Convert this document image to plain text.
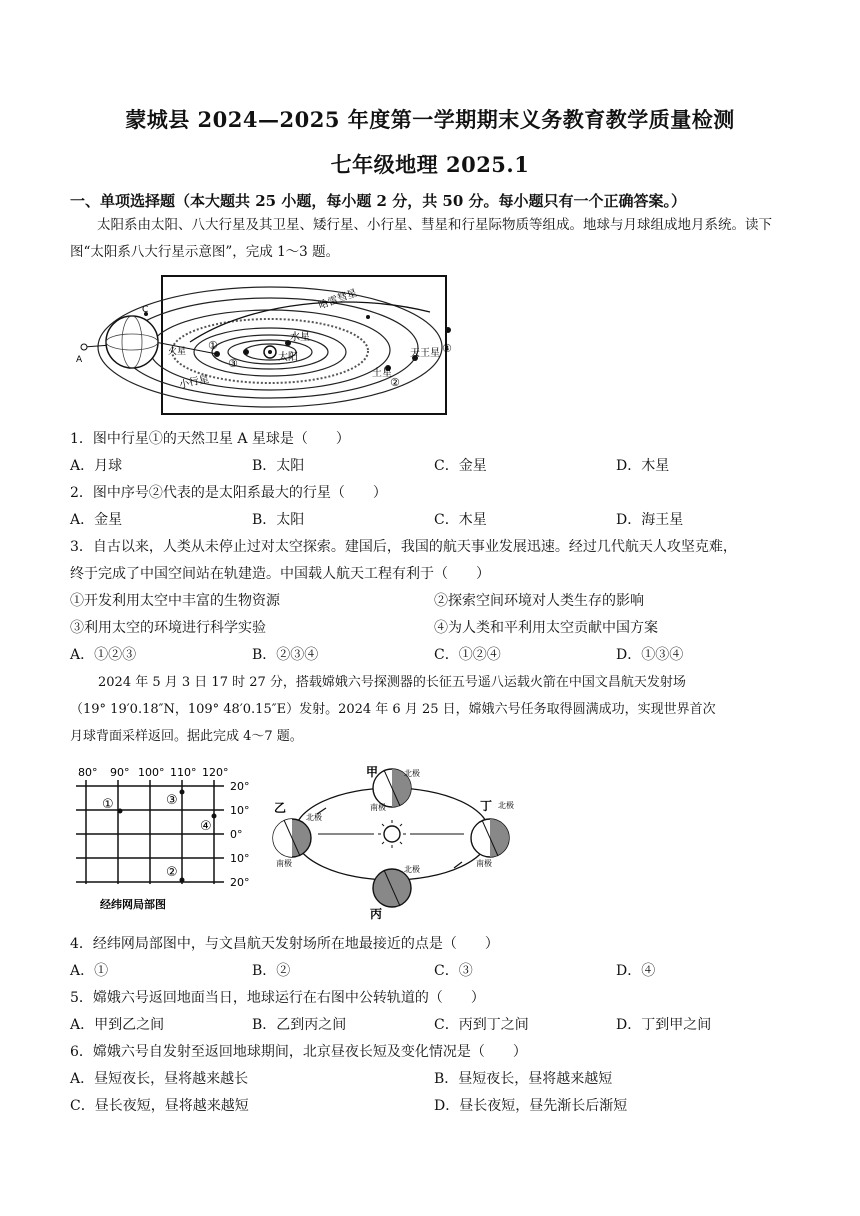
蒙城县 2024—2025 年度第一学期期末义务教育教学质量检测
七年级地理 2025.1
一、单项选择题（本大题共 25 小题，每小题 2 分，共 50 分。每小题只有一个正确答案。）
太阳系由太阳、八大行星及其卫星、矮行星、小行星、彗星和行星际物质等组成。地球与月球组成地月系统。读下图“太阳系八大行星示意图”，完成 1～3 题。
A
C	哈雷彗星
水星
太阳	天王星
土星
小行星
火星 ①
②
③
④
1．图中行星①的天然卫星 A 星球是（　　）
A．月球	B．太阳	C．金星	D．木星
2．图中序号②代表的是太阳系最大的行星（　　）
A．金星	B．太阳	C．木星	D．海王星
3．自古以来，人类从未停止过对太空探索。建国后，我国的航天事业发展迅速。经过几代航天人攻坚克难，
终于完成了中国空间站在轨建造。中国载人航天工程有利于（　　）
①开发利用太空中丰富的生物资源	②探索空间环境对人类生存的影响
③利用太空的环境进行科学实验	④为人类和平利用太空贡献中国方案
A．①②③	B．②③④	C．①②④	D．①③④
2024 年 5 月 3 日 17 时 27 分，搭载嫦娥六号探测器的长征五号遥八运载火箭在中国文昌航天发射场
（19° 19′0.18″N，109° 48′0.15″E）发射。2024 年 6 月 25 日，嫦娥六号任务取得圆满成功，实现世界首次
月球背面采样返回。据此完成 4～7 题。
80° 90° 100° 110° 120°
20°
10°
0°
10°
20°
①
②
③
④
经纬网局部图
甲
乙
丙
丁
北极
南极
北极
南极
北极
北极
南极
4．经纬网局部图中，与文昌航天发射场所在地最接近的点是（　　）
A．①	B．②	C．③	D．④
5．嫦娥六号返回地面当日，地球运行在右图中公转轨道的（　　）
A．甲到乙之间	B．乙到丙之间	C．丙到丁之间	D．丁到甲之间
6．嫦娥六号自发射至返回地球期间，北京昼夜长短及变化情况是（　　）
A．昼短夜长，昼将越来越长	B．昼短夜长，昼将越来越短
C．昼长夜短，昼将越来越短	D．昼长夜短，昼先渐长后渐短
